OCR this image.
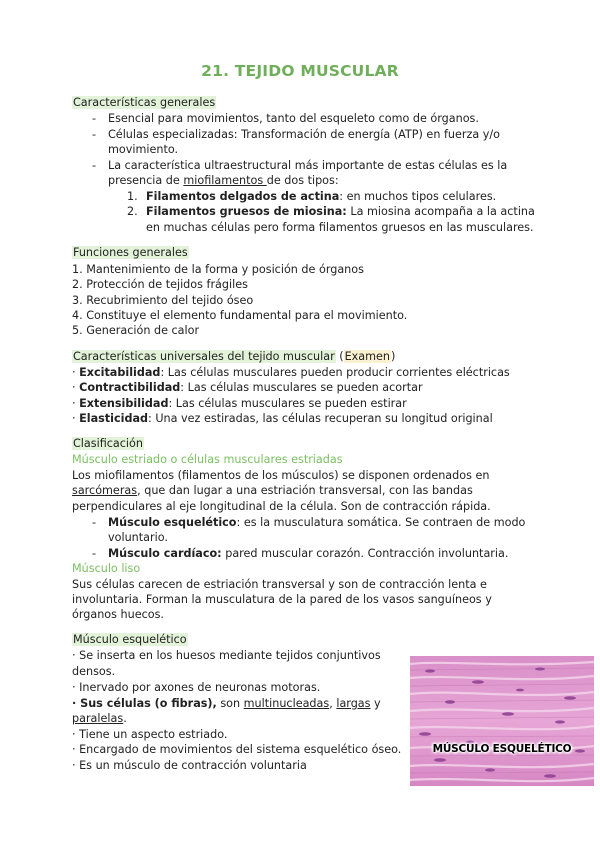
21. TEJIDO MUSCULAR
Características generales
- Esencial para movimientos, tanto del esqueleto como de órganos.
- Células especializadas: Transformación de energía (ATP) en fuerza y/o
movimiento.
- La característica ultraestructural más importante de estas células es la
presencia de miofilamentos de dos tipos:
1. Filamentos delgados de actina: en muchos tipos celulares.
2. Filamentos gruesos de miosina: La miosina acompaña a la actina
en muchas células pero forma filamentos gruesos en las musculares.
Funciones generales
1. Mantenimiento de la forma y posición de órganos
2. Protección de tejidos frágiles
3. Recubrimiento del tejido óseo
4. Constituye el elemento fundamental para el movimiento.
5. Generación de calor
Características universales del tejido muscular (Examen)
· Excitabilidad: Las células musculares pueden producir corrientes eléctricas
· Contractibilidad: Las células musculares se pueden acortar
· Extensibilidad: Las células musculares se pueden estirar
· Elasticidad: Una vez estiradas, las células recuperan su longitud original
Clasificación
Músculo estriado o células musculares estriadas
Los miofilamentos (filamentos de los músculos) se disponen ordenados en
sarcómeras, que dan lugar a una estriación transversal, con las bandas
perpendiculares al eje longitudinal de la célula. Son de contracción rápida.
- Músculo esquelético: es la musculatura somática. Se contraen de modo
voluntario.
- Músculo cardíaco: pared muscular corazón. Contracción involuntaria.
Músculo liso
Sus células carecen de estriación transversal y son de contracción lenta e
involuntaria. Forman la musculatura de la pared de los vasos sanguíneos y
órganos huecos.
Músculo esquelético
· Se inserta en los huesos mediante tejidos conjuntivos
densos.
· Inervado por axones de neuronas motoras.
· Sus células (o fibras), son multinucleadas, largas y
paralelas.
· Tiene un aspecto estriado.
· Encargado de movimientos del sistema esquelético óseo.
· Es un músculo de contracción voluntaria
MÚSCULO ESQUELÉTICO
